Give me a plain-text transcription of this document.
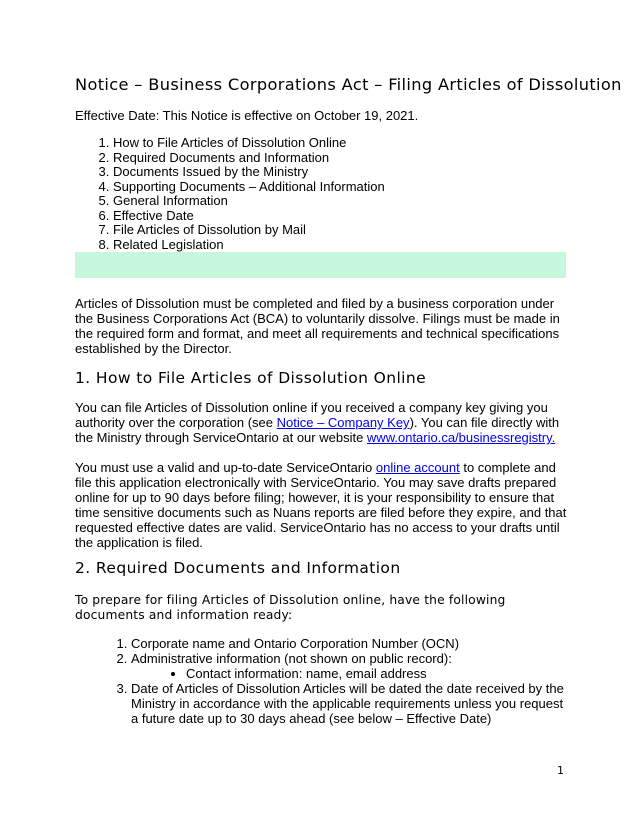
Notice – Business Corporations Act – Filing Articles of Dissolution
Effective Date: This Notice is effective on October 19, 2021.
1. How to File Articles of Dissolution Online
2. Required Documents and Information
3. Documents Issued by the Ministry
4. Supporting Documents – Additional Information
5. General Information
6. Effective Date
7. File Articles of Dissolution by Mail
8. Related Legislation

Articles of Dissolution must be completed and filed by a business corporation under the Business Corporations Act (BCA) to voluntarily dissolve. Filings must be made in the required form and format, and meet all requirements and technical specifications established by the Director.

1. How to File Articles of Dissolution Online

You can file Articles of Dissolution online if you received a company key giving you authority over the corporation (see Notice – Company Key). You can file directly with the Ministry through ServiceOntario at our website www.ontario.ca/businessregistry.

You must use a valid and up-to-date ServiceOntario online account to complete and file this application electronically with ServiceOntario. You may save drafts prepared online for up to 90 days before filing; however, it is your responsibility to ensure that time sensitive documents such as Nuans reports are filed before they expire, and that requested effective dates are valid. ServiceOntario has no access to your drafts until the application is filed.

2. Required Documents and Information

To prepare for filing Articles of Dissolution online, have the following documents and information ready:

1. Corporate name and Ontario Corporation Number (OCN)
2. Administrative information (not shown on public record):
• Contact information: name, email address
3. Date of Articles of Dissolution Articles will be dated the date received by the Ministry in accordance with the applicable requirements unless you request a future date up to 30 days ahead (see below – Effective Date)
1
